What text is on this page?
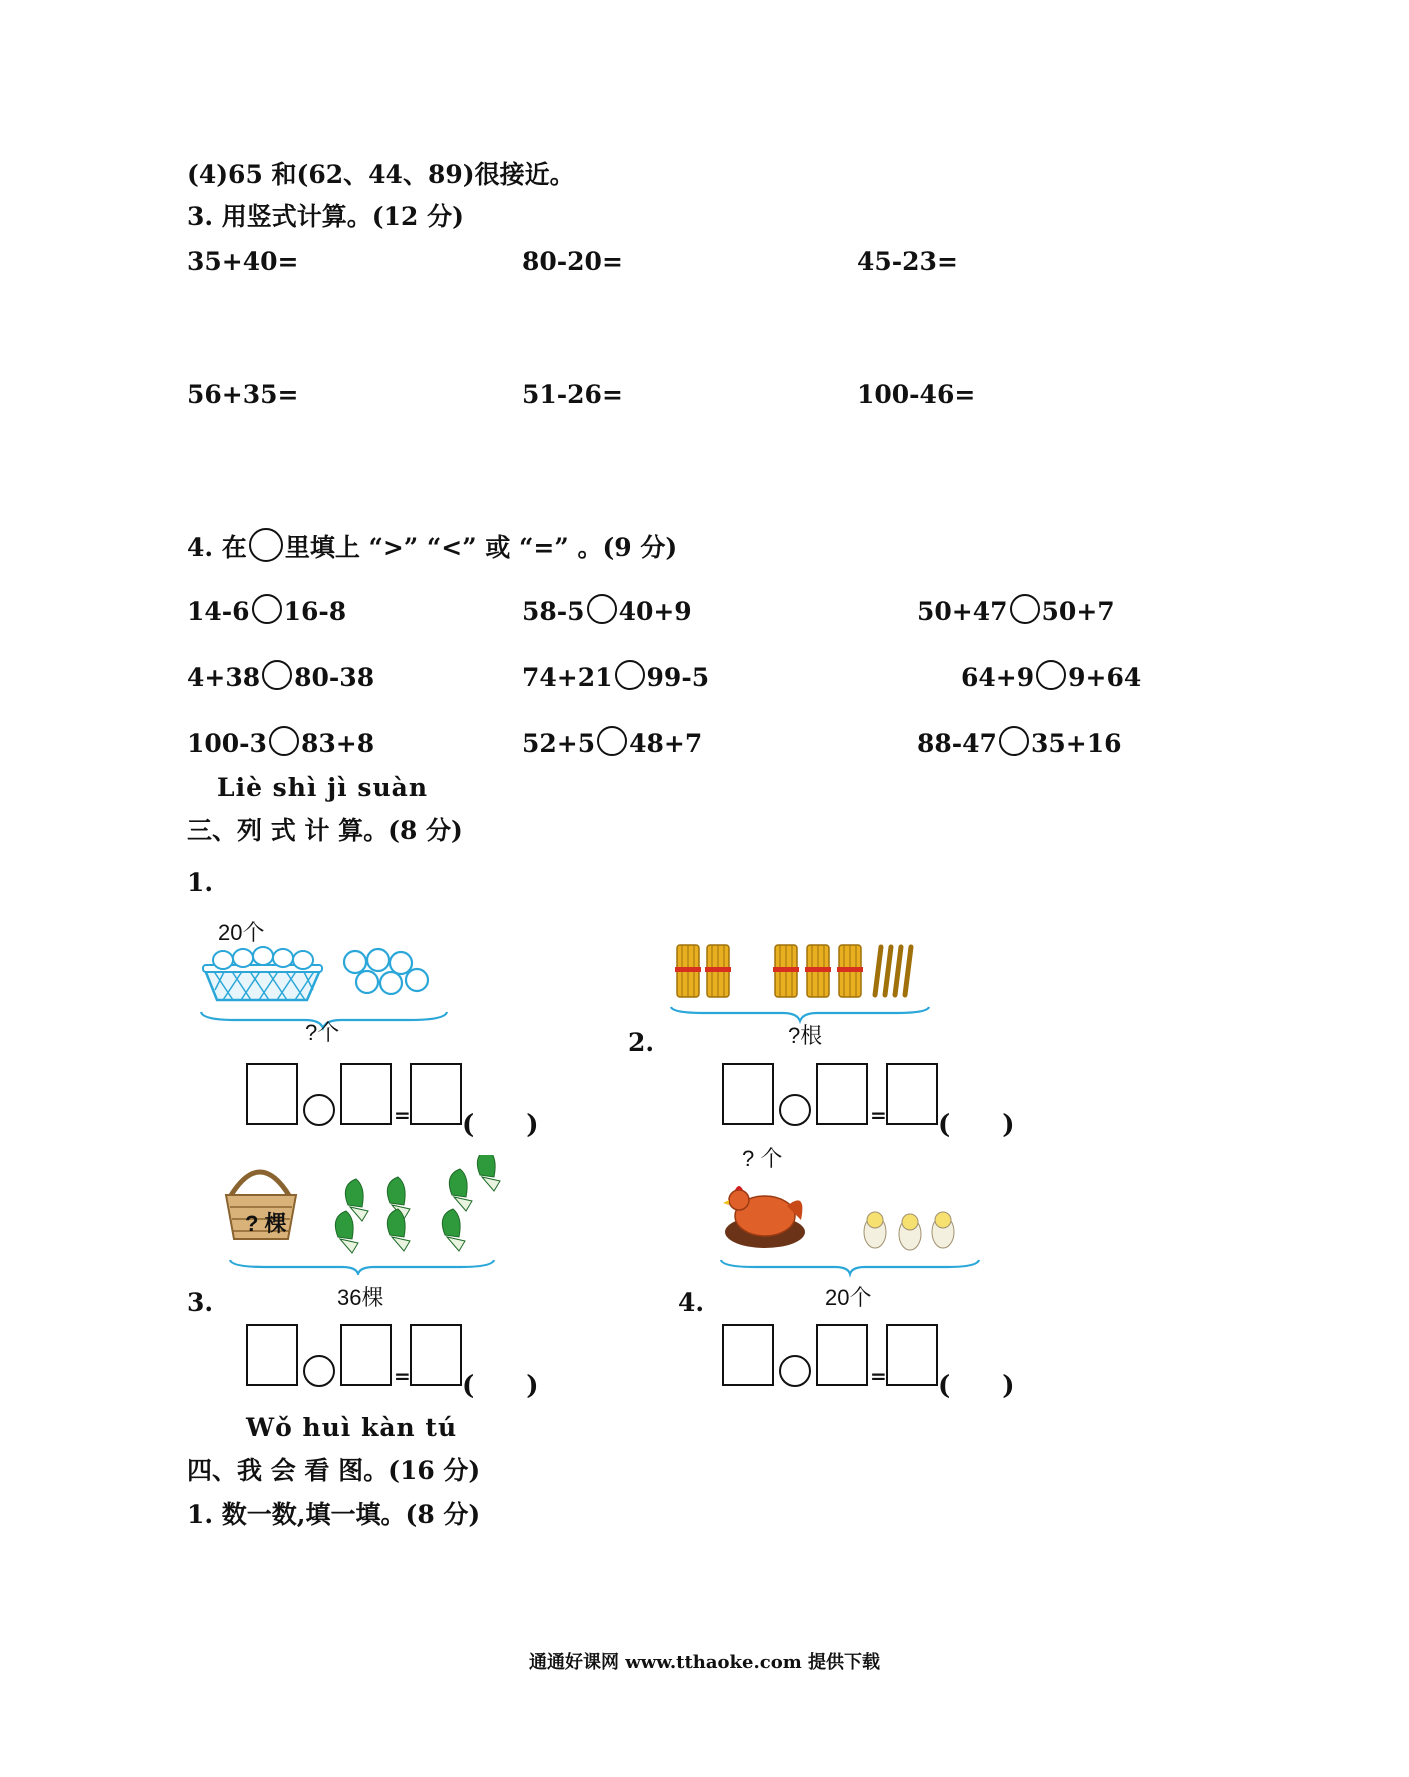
(4)65 和(62、44、89)很接近。
3. 用竖式计算。(12 分)
35+40=	80-20=	45-23=
56+35=	51-26=	100-46=
4. 在 里填上 “>” “<” 或 “=” 。(9 分)
14-6 16-8	58-5 40+9	50+47 50+7
4+38 80-38	74+21 99-5	64+9 9+64
100-3 83+8	52+5 48+7	88-47 35+16
Liè shì jì suàn
三、列 式 计 算。(8 分)
1.
20个
?个	2.	?根
= (　　)	= (　　)
? 棵
3.	36棵
? 个
4.	20个
= (　　)	= (　　)
Wǒ huì kàn tú
四、我 会 看 图。(16 分)
1. 数一数,填一填。(8 分)
通通好课网 www.tthaoke.com 提供下载
